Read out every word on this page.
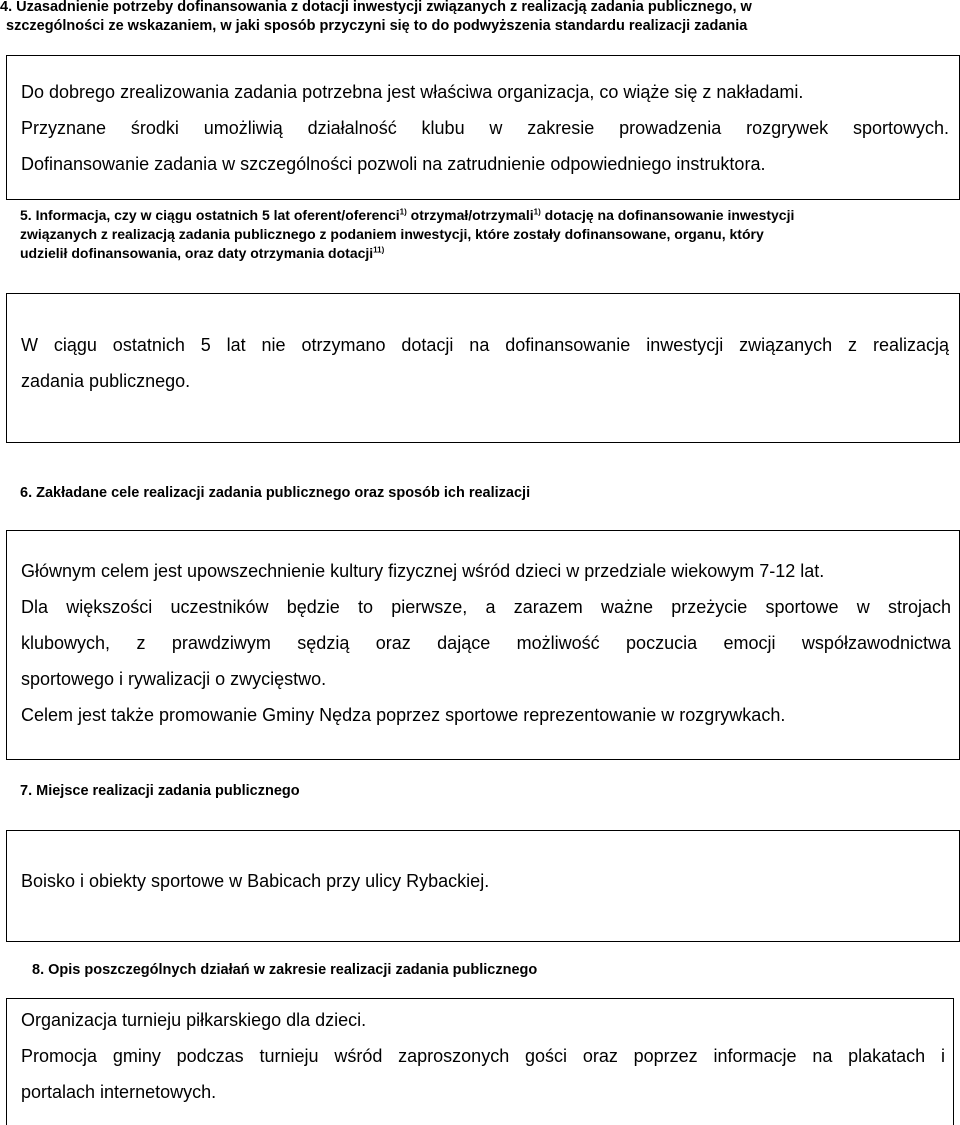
4. Uzasadnienie potrzeby dofinansowania z dotacji inwestycji związanych z realizacją zadania publicznego, w
szczególności ze wskazaniem, w jaki sposób przyczyni się to do podwyższenia standardu realizacji zadania

Do dobrego zrealizowania zadania potrzebna jest właściwa organizacja, co wiąże się z nakładami.

Przyznane środki umożliwią działalność klubu w zakresie prowadzenia rozgrywek sportowych.

Dofinansowanie zadania w szczególności pozwoli na zatrudnienie odpowiedniego instruktora.

5. Informacja, czy w ciągu ostatnich 5 lat oferent/oferenci$^{1)}$ otrzymał/otrzymali$^{1)}$ dotację na dofinansowanie inwestycji
związanych z realizacją zadania publicznego z podaniem inwestycji, które zostały dofinansowane, organu, który
udzielił dofinansowania, oraz daty otrzymania dotacji$^{11)}$

W ciągu ostatnich 5 lat nie otrzymano dotacji na dofinansowanie inwestycji związanych z realizacją

zadania publicznego.

6. Zakładane cele realizacji zadania publicznego oraz sposób ich realizacji

Głównym celem jest upowszechnienie kultury fizycznej wśród dzieci w przedziale wiekowym 7-12 lat.

Dla większości uczestników będzie to pierwsze, a zarazem ważne przeżycie sportowe w strojach

klubowych, z prawdziwym sędzią oraz dające możliwość poczucia emocji współzawodnictwa

sportowego i rywalizacji o zwycięstwo.

Celem jest także promowanie Gminy Nędza poprzez sportowe reprezentowanie w rozgrywkach.

7. Miejsce realizacji zadania publicznego

Boisko i obiekty sportowe w Babicach przy ulicy Rybackiej.

8. Opis poszczególnych działań w zakresie realizacji zadania publicznego

Organizacja turnieju piłkarskiego dla dzieci.

Promocja gminy podczas turnieju wśród zaproszonych gości oraz poprzez informacje na plakatach i

portalach internetowych.
